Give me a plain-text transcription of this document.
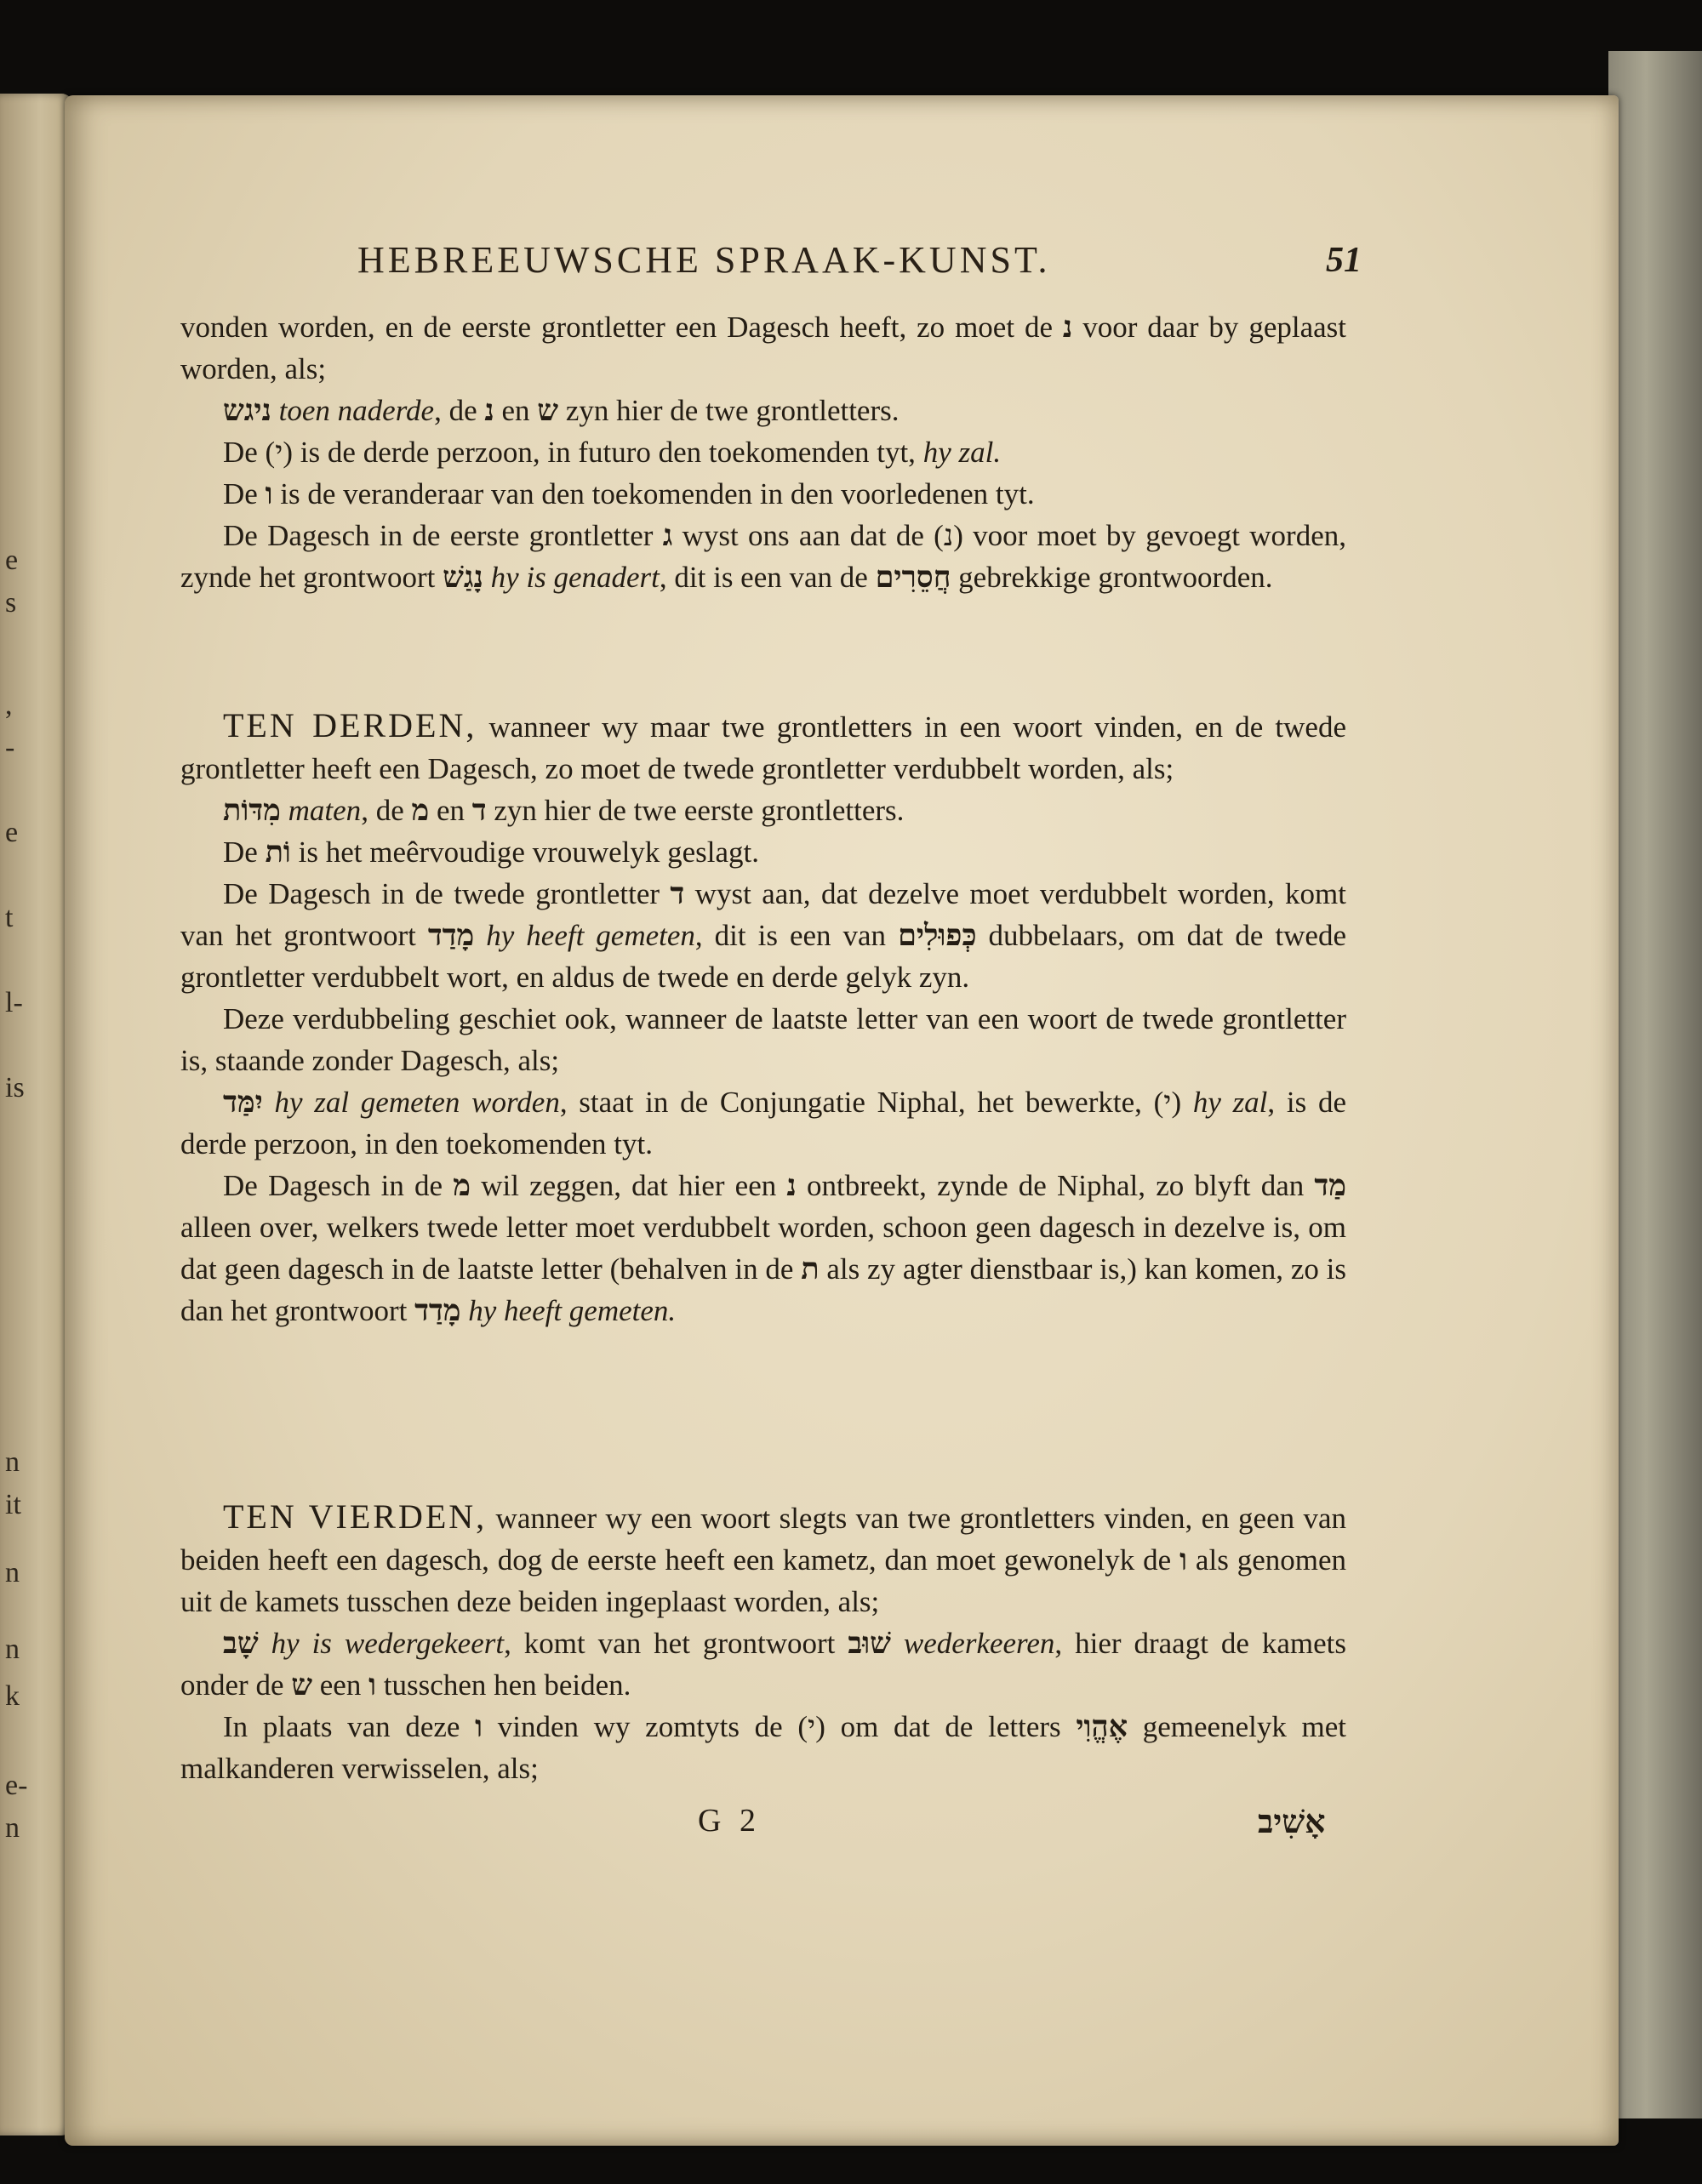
HEBREEUWSCHE SPRAAK-KUNST.	51

vonden worden, en de eerste grontletter een Dagesch heeft, zo moet de נ voor daar by geplaast worden, als;

ניגש toen naderde, de נ en ש zyn hier de twe grontletters.

De (י) is de derde perzoon, in futuro den toekomenden tyt, hy zal.

De ו is de veranderaar van den toekomenden in den voorledenen tyt.

De Dagesch in de eerste grontletter ג wyst ons aan dat de (נ) voor moet by gevoegt worden, zynde het grontwoort נָגַשׁ hy is genadert, dit is een van de חֲסֵרִים gebrekkige grontwoorden.

TEN DERDEN, wanneer wy maar twe grontletters in een woort vinden, en de twede grontletter heeft een Dagesch, zo moet de twede grontletter verdubbelt worden, als;

מִדּוֹת maten, de מ en ד zyn hier de twe eerste grontletters.

De וֹת is het meêrvoudige vrouwelyk geslagt.

De Dagesch in de twede grontletter ד wyst aan, dat dezelve moet verdubbelt worden, komt van het grontwoort מָדַד hy heeft gemeten, dit is een van כְּפוּלִים dubbelaars, om dat de twede grontletter verdubbelt wort, en aldus de twede en derde gelyk zyn.

Deze verdubbeling geschiet ook, wanneer de laatste letter van een woort de twede grontletter is, staande zonder Dagesch, als;

יִמַּד hy zal gemeten worden, staat in de Conjungatie Niphal, het bewerkte, (י) hy zal, is de derde perzoon, in den toekomenden tyt.

De Dagesch in de מ wil zeggen, dat hier een נ ontbreekt, zynde de Niphal, zo blyft dan מַד alleen over, welkers twede letter moet verdubbelt worden, schoon geen dagesch in dezelve is, om dat geen dagesch in de laatste letter (behalven in de ת als zy agter dienstbaar is,) kan komen, zo is dan het grontwoort מָדַד hy heeft gemeten.

TEN VIERDEN, wanneer wy een woort slegts van twe grontletters vinden, en geen van beiden heeft een dagesch, dog de eerste heeft een kametz, dan moet gewonelyk de ו als genomen uit de kamets tusschen deze beiden ingeplaast worden, als;

שָׁב hy is wedergekeert, komt van het grontwoort שׁוּב wederkeeren, hier draagt de kamets onder de ש een ו tusschen hen beiden.

In plaats van deze ו vinden wy zomtyts de (י) om dat de letters אֶהֱוִי gemeenelyk met malkanderen verwisselen, als;

G 2	אָשִׁיב
e
s
,
-
e
t
l-
is
n
it
n
n
k
e-
n
